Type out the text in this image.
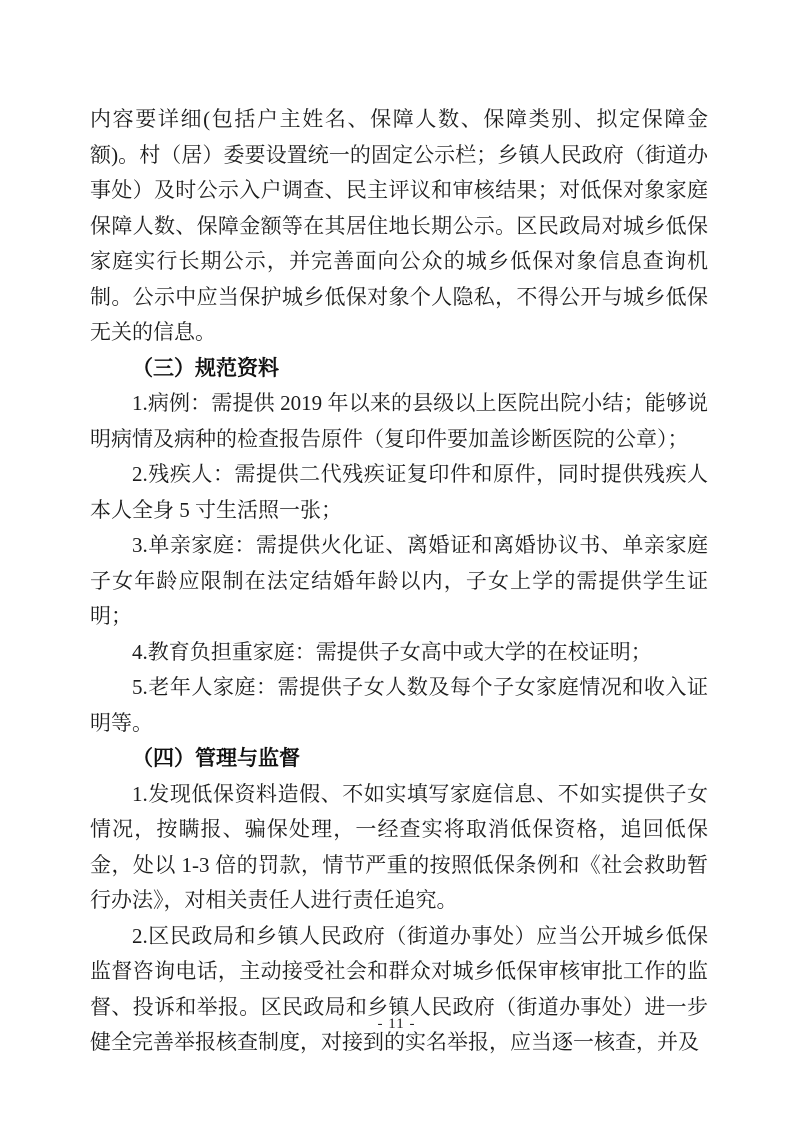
内容要详细(包括户主姓名、保障人数、保障类别、拟定保障金额)。村（居）委要设置统一的固定公示栏；乡镇人民政府（街道办事处）及时公示入户调查、民主评议和审核结果；对低保对象家庭保障人数、保障金额等在其居住地长期公示。区民政局对城乡低保家庭实行长期公示，并完善面向公众的城乡低保对象信息查询机制。公示中应当保护城乡低保对象个人隐私，不得公开与城乡低保无关的信息。

（三）规范资料

1.病例：需提供 2019 年以来的县级以上医院出院小结；能够说明病情及病种的检查报告原件（复印件要加盖诊断医院的公章）；

2.残疾人：需提供二代残疾证复印件和原件，同时提供残疾人本人全身 5 寸生活照一张；

3.单亲家庭：需提供火化证、离婚证和离婚协议书、单亲家庭子女年龄应限制在法定结婚年龄以内，子女上学的需提供学生证明；

4.教育负担重家庭：需提供子女高中或大学的在校证明；

5.老年人家庭：需提供子女人数及每个子女家庭情况和收入证明等。

（四）管理与监督

1.发现低保资料造假、不如实填写家庭信息、不如实提供子女情况，按瞒报、骗保处理，一经查实将取消低保资格，追回低保金，处以 1-3 倍的罚款，情节严重的按照低保条例和《社会救助暂行办法》，对相关责任人进行责任追究。

2.区民政局和乡镇人民政府（街道办事处）应当公开城乡低保监督咨询电话，主动接受社会和群众对城乡低保审核审批工作的监督、投诉和举报。区民政局和乡镇人民政府（街道办事处）进一步健全完善举报核查制度，对接到的实名举报，应当逐一核查，并及

- 11 -
